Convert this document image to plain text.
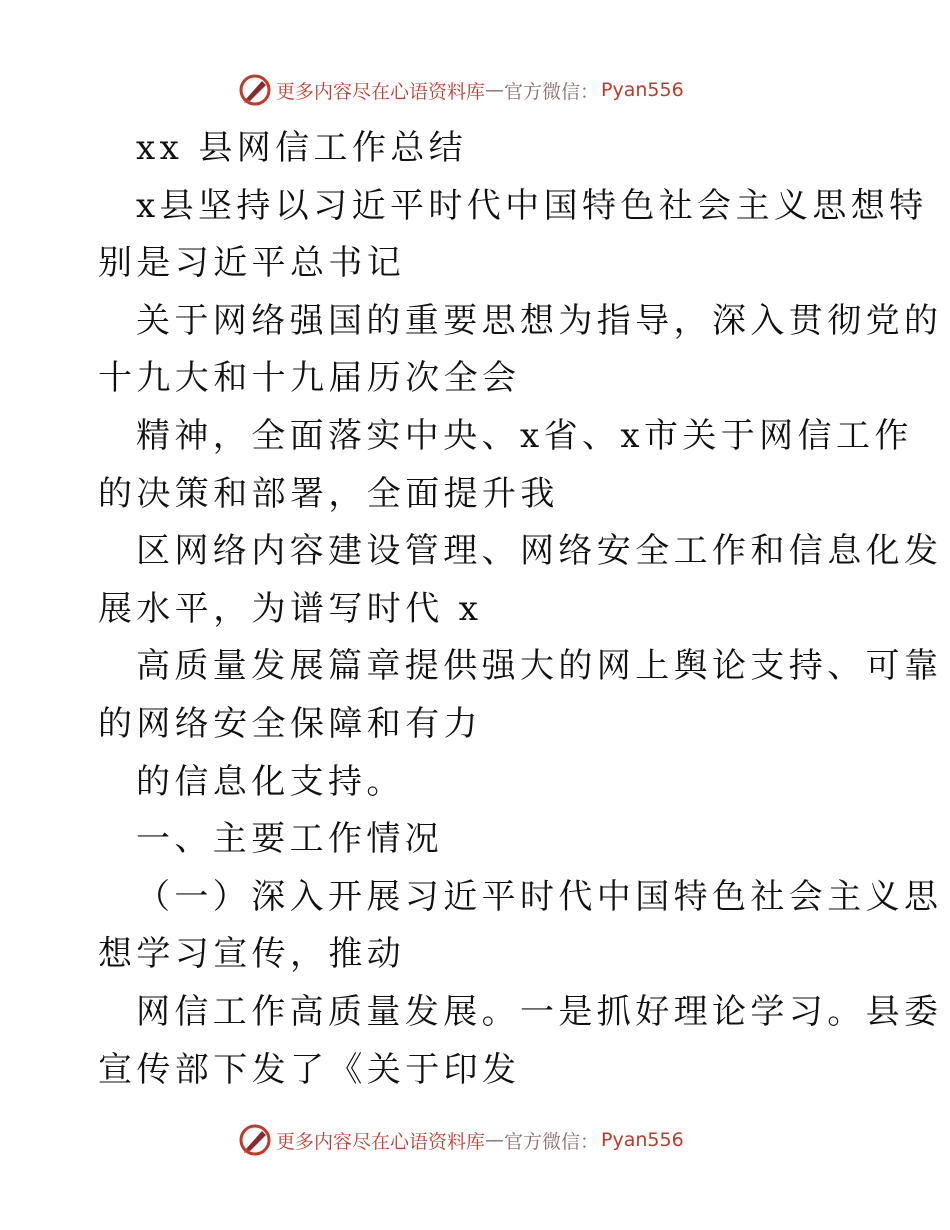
更多内容尽在心语资料库 — 官方微信： Pyan556
xx 县网信工作总结
x县坚持以习近平时代中国特色社会主义思想特
别是习近平总书记
关于网络强国的重要思想为指导，深入贯彻党的
十九大和十九届历次全会
精神，全面落实中央、x省、x市关于网信工作
的决策和部署，全面提升我
区网络内容建设管理、网络安全工作和信息化发
展水平，为谱写时代 x
高质量发展篇章提供强大的网上舆论支持、可靠
的网络安全保障和有力
的信息化支持。
一、主要工作情况
（一）深入开展习近平时代中国特色社会主义思
想学习宣传，推动
网信工作高质量发展。一是抓好理论学习。县委
宣传部下发了《关于印发
更多内容尽在心语资料库 — 官方微信： Pyan556
